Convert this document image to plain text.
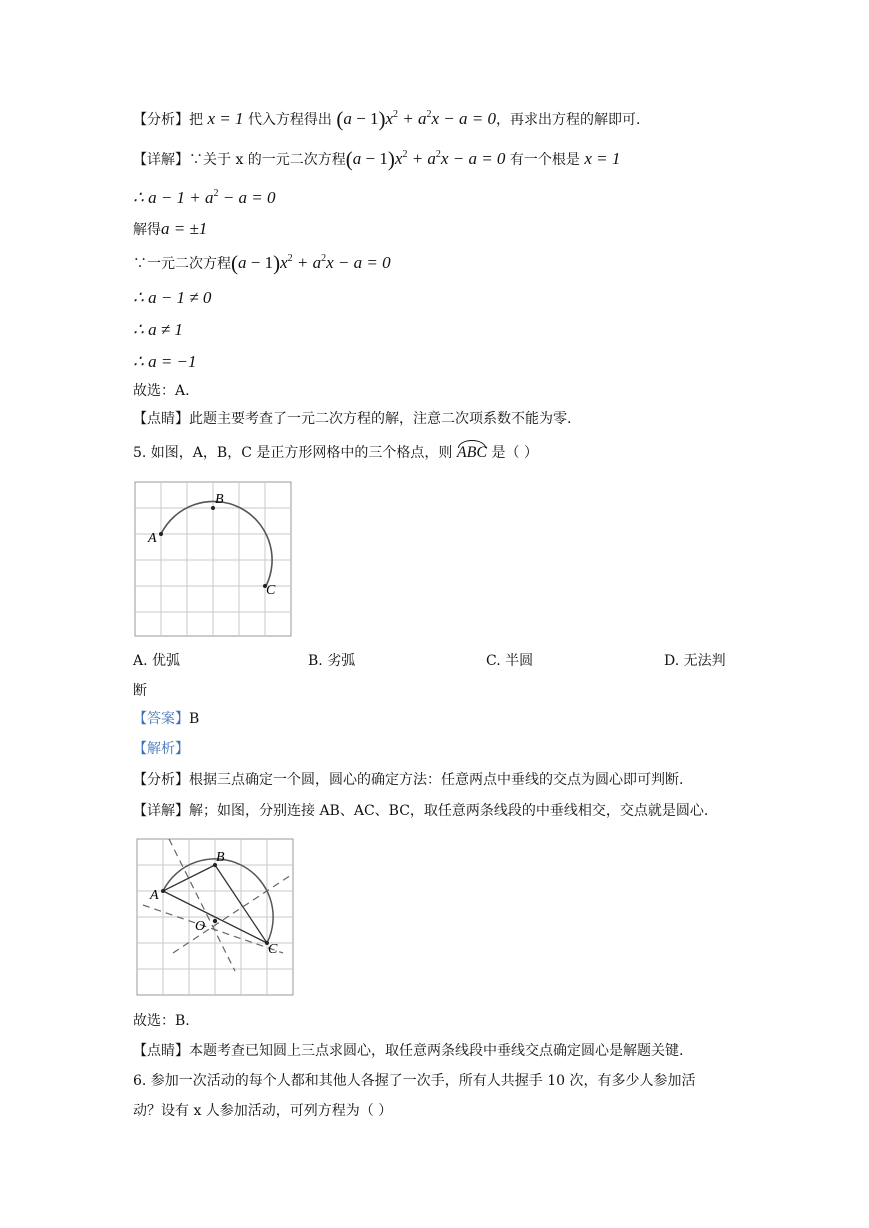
【分析】把 x = 1 代入方程得出 $(a - 1)x^2 + a^2x - a = 0$，再求出方程的解即可.
【详解】∵关于 x 的一元二次方程$(a - 1)x^2 + a^2x - a = 0$ 有一个根是 x = 1
∴ $a - 1 + a^2 - a = 0$
解得a = ±1
∵一元二次方程$(a - 1)x^2 + a^2x - a = 0$
∴ a − 1 ≠ 0
∴ a ≠ 1
∴ a = −1
故选：A.
【点睛】此题主要考查了一元二次方程的解，注意二次项系数不能为零.
5. 如图，A，B，C 是正方形网格中的三个格点，则 ABC 是（ ）
A
B
C
A. 优弧	B. 劣弧	C. 半圆	D. 无法判
断
【答案】B
【解析】
【分析】根据三点确定一个圆，圆心的确定方法：任意两点中垂线的交点为圆心即可判断.
【详解】解；如图，分别连接 AB、AC、BC，取任意两条线段的中垂线相交，交点就是圆心.
A
B
C
O
故选：B.
【点睛】本题考查已知圆上三点求圆心，取任意两条线段中垂线交点确定圆心是解题关键.
6. 参加一次活动的每个人都和其他人各握了一次手，所有人共握手 10 次，有多少人参加活
动？设有 x 人参加活动，可列方程为（ ）
